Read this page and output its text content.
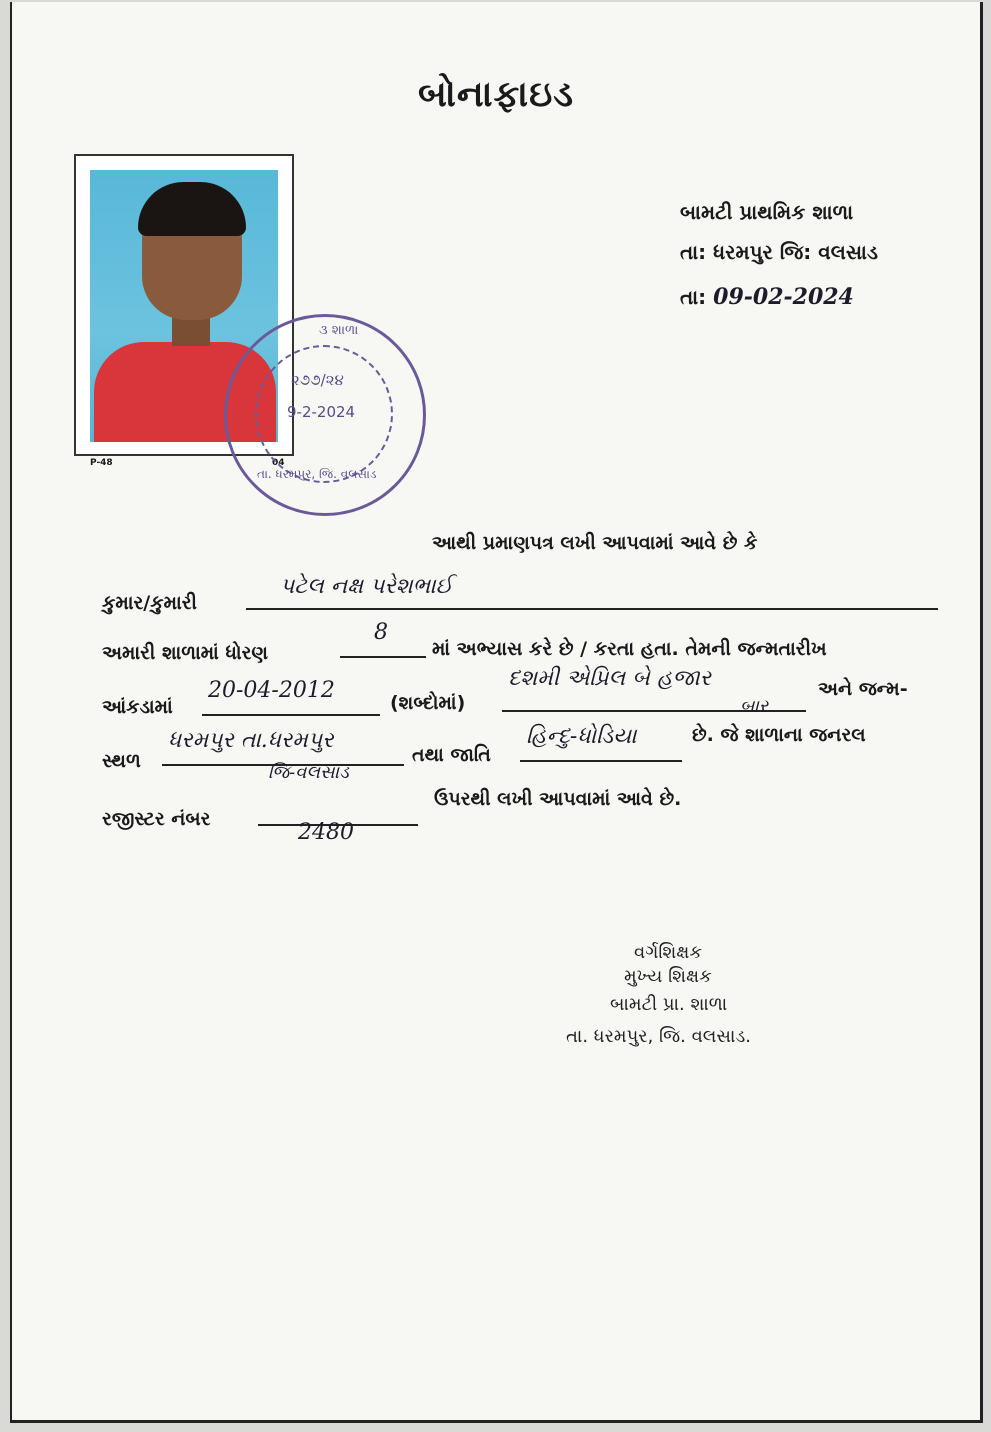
બોનાફાઇડ
બામટી પ્રાથમિક શાળા
તા: ધરમપુર જિ: વલસાડ
તા: 09-02-2024
P-48	04
૩ શાળા
૨૭૭/૨૪
9-2-2024
તા. ધરમપુર, જિ. વલસાડ
આથી પ્રમાણપત્ર લખી આપવામાં આવે છે કે
કુમાર/કુમારી
પટેલ નક્ષ પરેશભાઈ
અમારી શાળામાં ધોરણ
8
માં અભ્યાસ કરે છે / કરતા હતા. તેમની જન્મતારીખ
આંકડામાં
20-04-2012	(શબ્દોમાં)
દશમી એપ્રિલ બે હજાર
બાર
અને જન્મ-
સ્થળ
ધરમપુર તા.ધરમપુર
જિ-વલસાડ
તથા જાતિ
હિન્દુ-ધોડિયા	છે. જે શાળાના જનરલ
રજીસ્ટર નંબર
2480
ઉપરથી લખી આપવામાં આવે છે.
વર્ગશિક્ષક
મુખ્ય શિક્ષક
બામટી પ્રા. શાળા
તા. ધરમપુર, જિ. વલસાડ.
